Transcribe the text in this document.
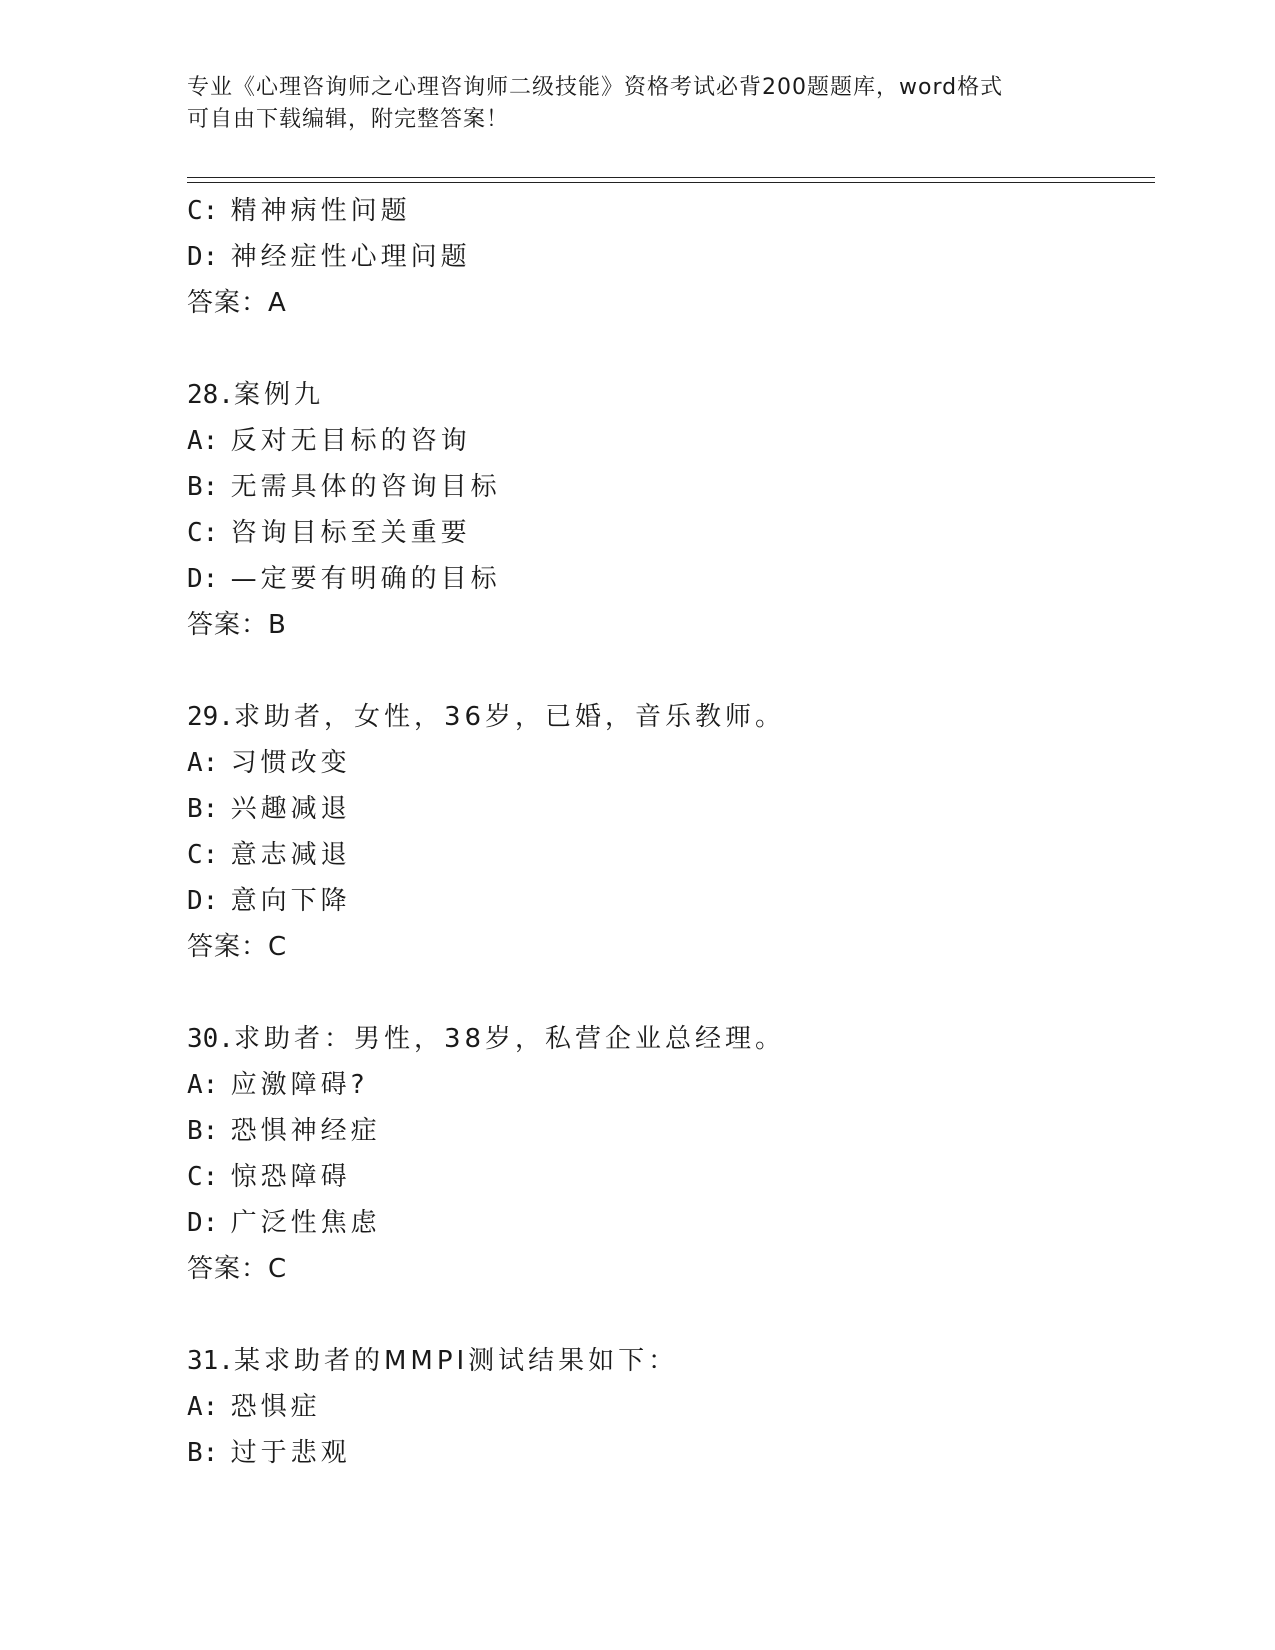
专业《心理咨询师之心理咨询师二级技能》资格考试必背200题题库，word格式
可自由下载编辑，附完整答案！
C: 精神病性问题
D: 神经症性心理问题
答案：A
28.案例九
A: 反对无目标的咨询
B: 无需具体的咨询目标
C: 咨询目标至关重要
D: —定要有明确的目标
答案：B
29.求助者，女性，36岁，已婚，音乐教师。
A: 习惯改变
B: 兴趣减退
C: 意志减退
D: 意向下降
答案：C
30.求助者：男性，38岁，私营企业总经理。
A: 应激障碍?
B: 恐惧神经症
C: 惊恐障碍
D: 广泛性焦虑
答案：C
31.某求助者的MMPI测试结果如下：
A: 恐惧症
B: 过于悲观
